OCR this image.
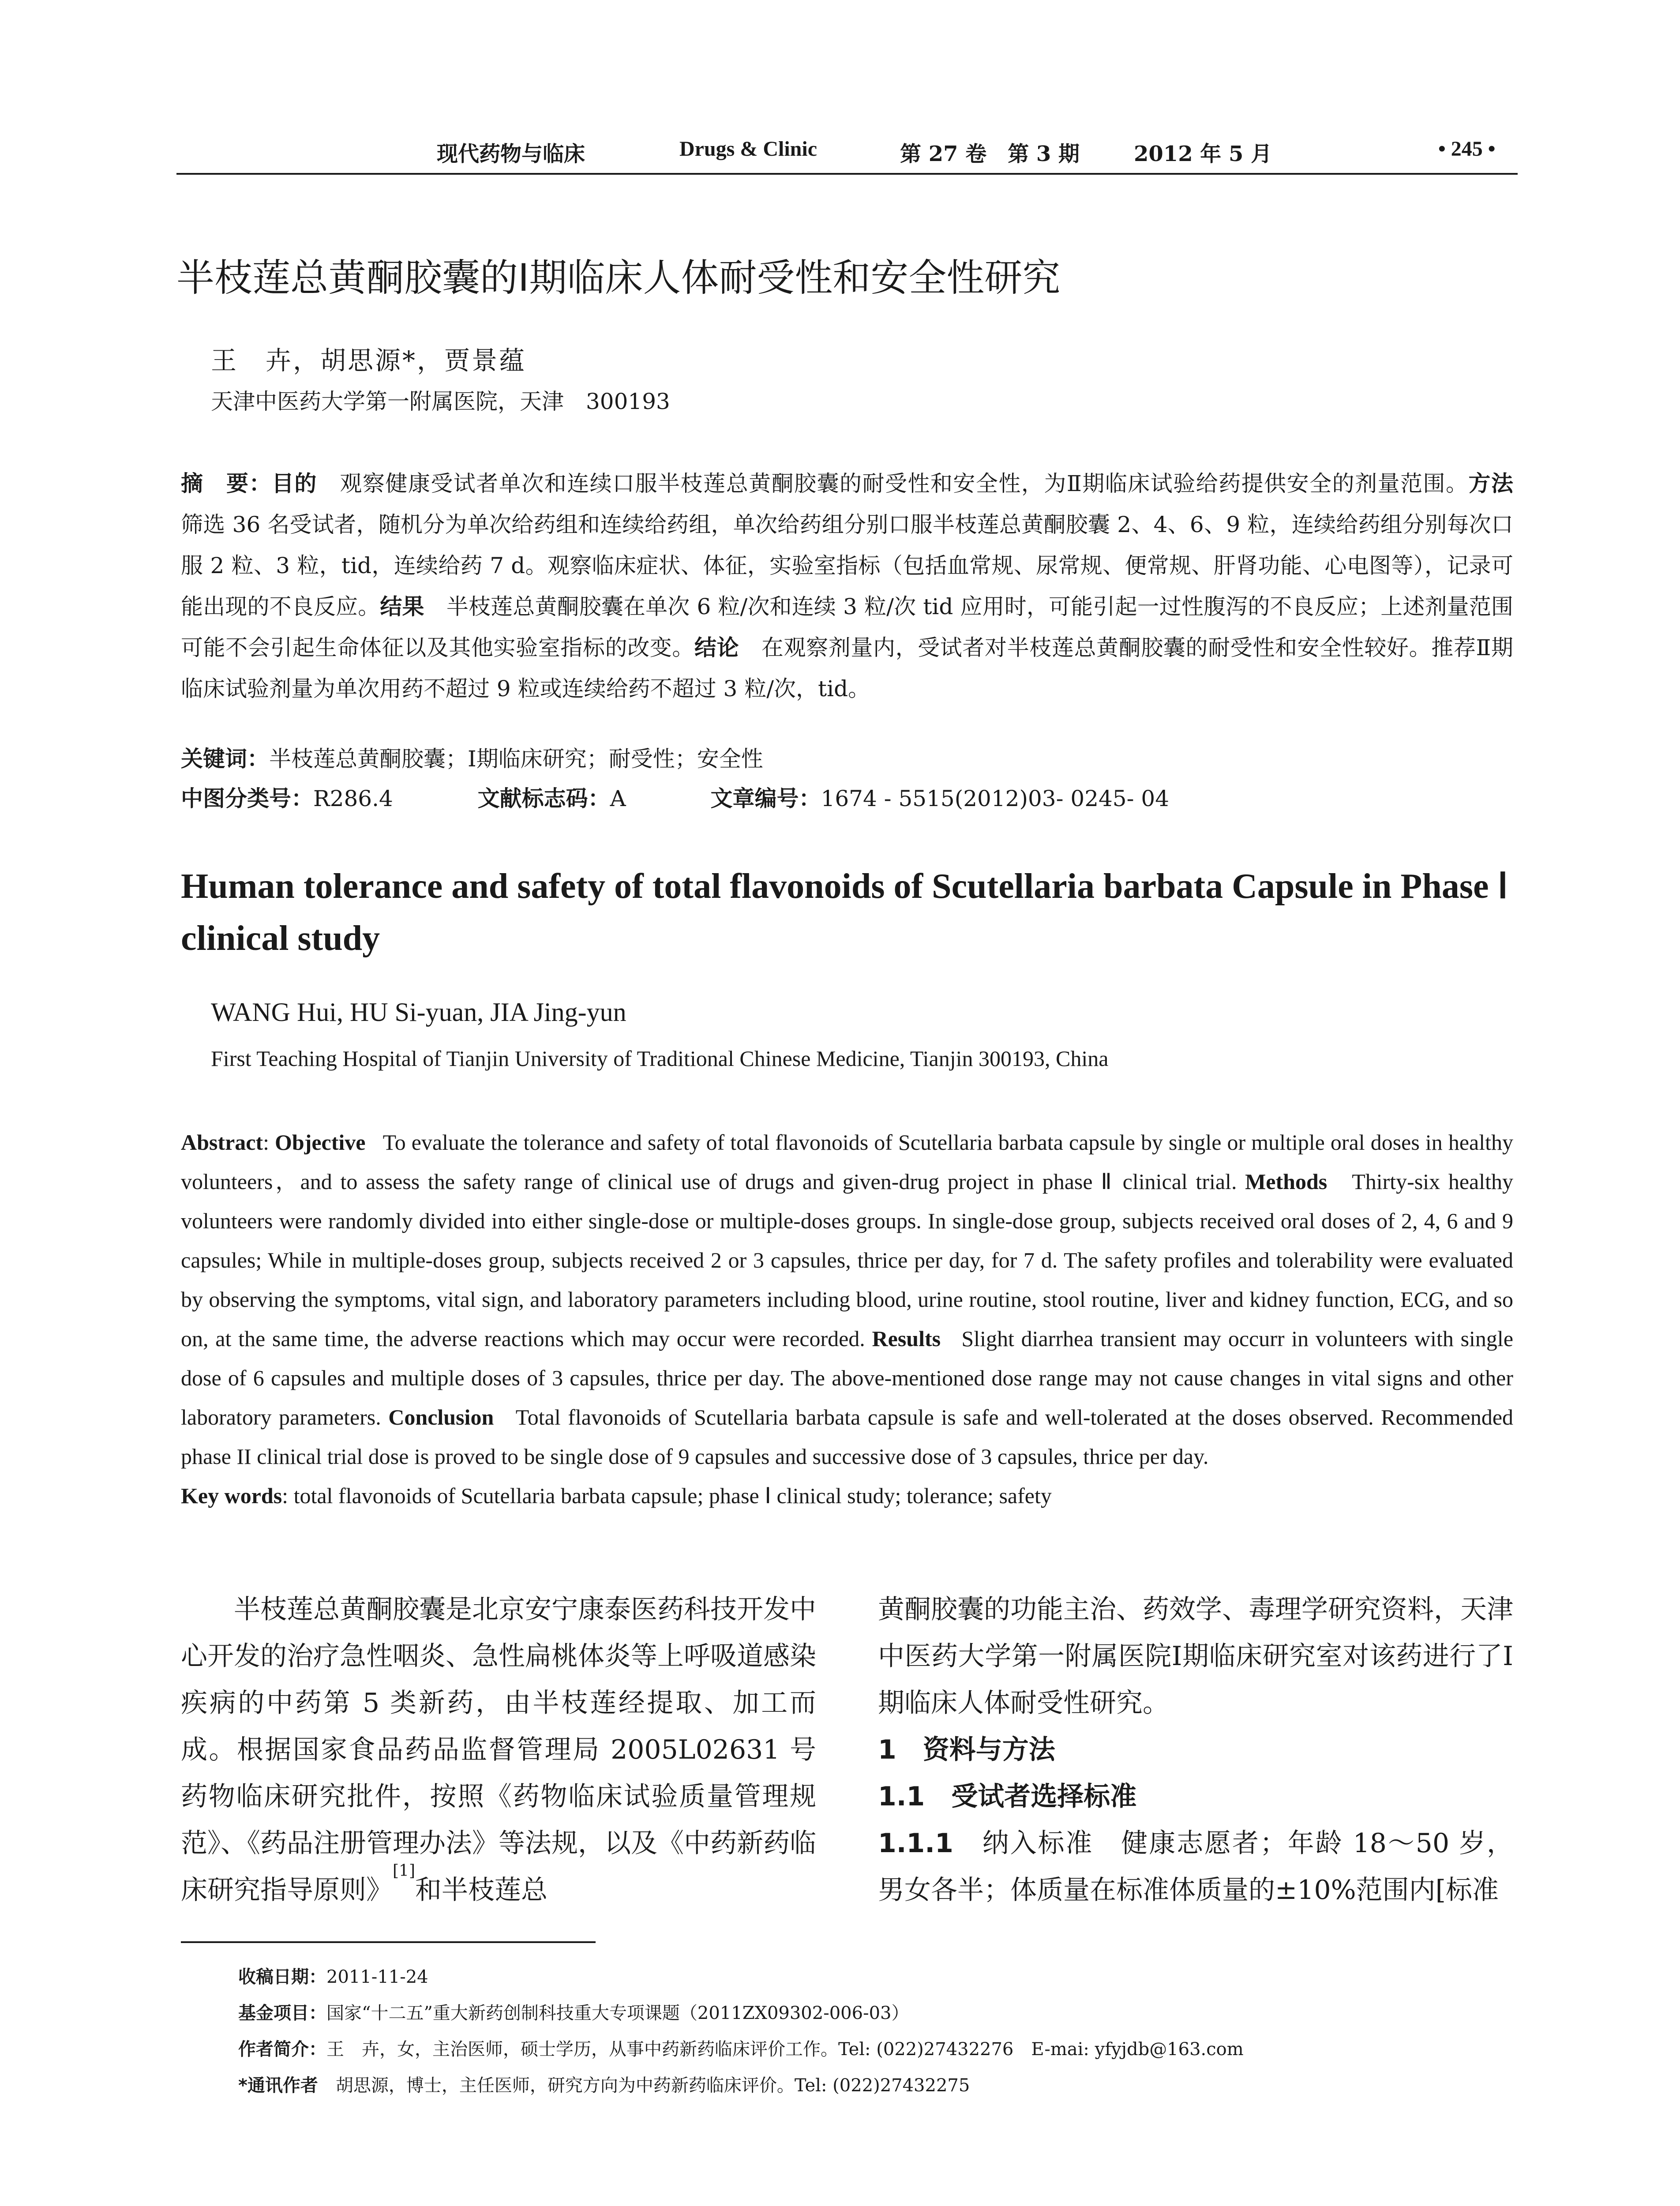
现代药物与临床	Drugs & Clinic	第 27 卷　第 3 期	2012 年 5 月	• 245 •
半枝莲总黄酮胶囊的Ⅰ期临床人体耐受性和安全性研究
王　卉，胡思源*，贾景蕴
天津中医药大学第一附属医院，天津　300193
摘　要：目的　 观察健康受试者单次和连续口服半枝莲总黄酮胶囊的耐受性和安全性，为Ⅱ期临床试验给药提供安全的剂量范围。方法　筛选 36 名受试者，随机分为单次给药组和连续给药组，单次给药组分别口服半枝莲总黄酮胶囊 2、4、6、9 粒，连续给药组分别每次口服 2 粒、3 粒，tid，连续给药 7 d。观察临床症状、体征，实验室指标（包括血常规、尿常规、便常规、肝肾功能、心电图等），记录可能出现的不良反应。结果　 半枝莲总黄酮胶囊在单次 6 粒/次和连续 3 粒/次 tid 应用时，可能引起一过性腹泻的不良反应；上述剂量范围可能不会引起生命体征以及其他实验室指标的改变。结论　 在观察剂量内，受试者对半枝莲总黄酮胶囊的耐受性和安全性较好。推荐Ⅱ期临床试验剂量为单次用药不超过 9 粒或连续给药不超过 3 粒/次，tid。
关键词：半枝莲总黄酮胶囊；Ⅰ期临床研究；耐受性；安全性
中图分类号：R286.4	文献标志码：A	文章编号：1674 - 5515(2012)03- 0245- 04
Human tolerance and safety of total flavonoids of Scutellaria barbata Capsule in Phase Ⅰ clinical study
WANG Hui, HU Si-yuan, JIA Jing-yun
First Teaching Hospital of Tianjin University of Traditional Chinese Medicine, Tianjin 300193, China
Abstract: Objective To evaluate the tolerance and safety of total flavonoids of Scutellaria barbata capsule by single or multiple oral doses in healthy volunteers，and to assess the safety range of clinical use of drugs and given-drug project in phase Ⅱ clinical trial. Methods Thirty-six healthy volunteers were randomly divided into either single-dose or multiple-doses groups. In single-dose group, subjects received oral doses of 2, 4, 6 and 9 capsules; While in multiple-doses group, subjects received 2 or 3 capsules, thrice per day, for 7 d. The safety profiles and tolerability were evaluated by observing the symptoms, vital sign, and laboratory parameters including blood, urine routine, stool routine, liver and kidney function, ECG, and so on, at the same time, the adverse reactions which may occur were recorded. Results Slight diarrhea transient may occurr in volunteers with single dose of 6 capsules and multiple doses of 3 capsules, thrice per day. The above-mentioned dose range may not cause changes in vital signs and other laboratory parameters. Conclusion Total flavonoids of Scutellaria barbata capsule is safe and well-tolerated at the doses observed. Recommended phase II clinical trial dose is proved to be single dose of 9 capsules and successive dose of 3 capsules, thrice per day.
Key words: total flavonoids of Scutellaria barbata capsule; phase Ⅰ clinical study; tolerance; safety
半枝莲总黄酮胶囊是北京安宁康泰医药科技开发中心开发的治疗急性咽炎、急性扁桃体炎等上呼吸道感染疾病的中药第 5 类新药，由半枝莲经提取、加工而成。根据国家食品药品监督管理局 2005L02631 号药物临床研究批件，按照《药物临床试验质量管理规范》、《药品注册管理办法》等法规，以及《中药新药临床研究指导原则》[1]和半枝莲总
黄酮胶囊的功能主治、药效学、毒理学研究资料，天津中医药大学第一附属医院Ⅰ期临床研究室对该药进行了Ⅰ期临床人体耐受性研究。
1　资料与方法
1.1　受试者选择标准
1.1.1　 纳入标准　 健康志愿者；年龄 18～50 岁，男女各半；体质量在标准体质量的±10%范围内[标准
收稿日期：2011-11-24
基金项目：国家“十二五”重大新药创制科技重大专项课题（2011ZX09302-006-03）
作者简介：王　卉，女，主治医师，硕士学历，从事中药新药临床评价工作。Tel: (022)27432276　E-mai: yfyjdb@163.com
*通讯作者　 胡思源，博士，主任医师，研究方向为中药新药临床评价。Tel: (022)27432275
